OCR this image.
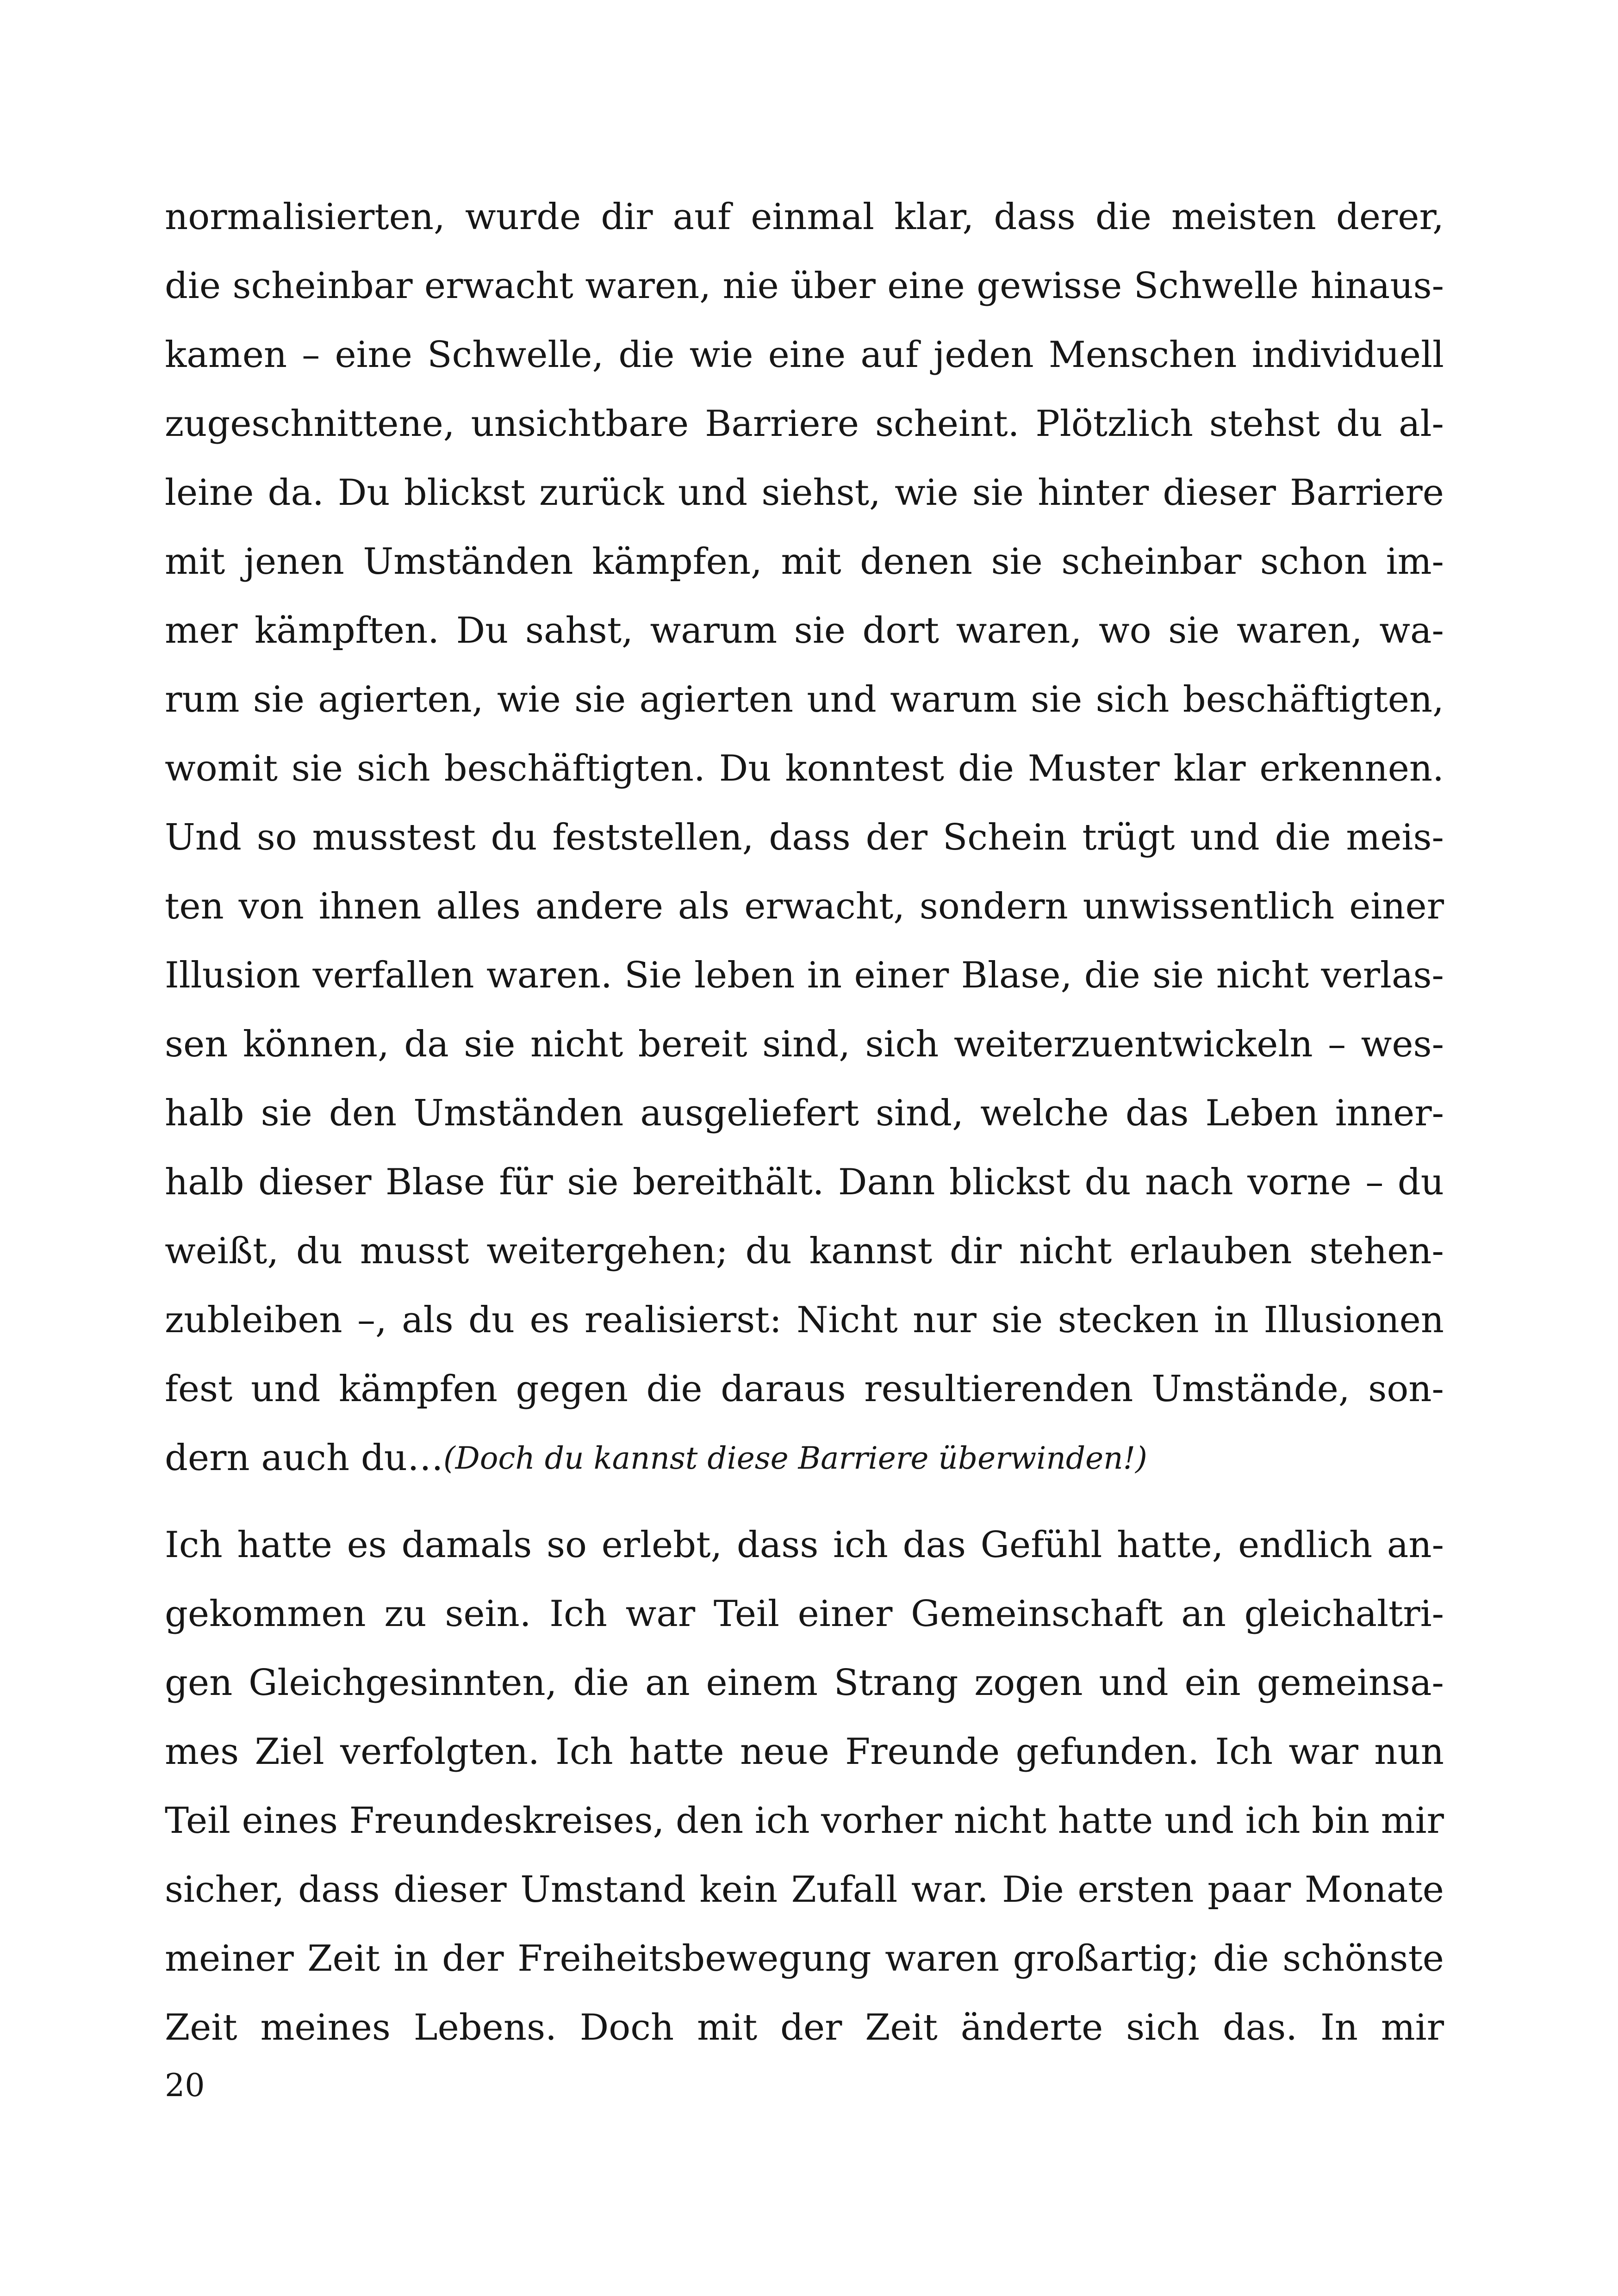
normalisierten, wurde dir auf einmal klar, dass die meisten derer,
die scheinbar erwacht waren, nie über eine gewisse Schwelle hinaus-
kamen – eine Schwelle, die wie eine auf jeden Menschen individuell
zugeschnittene, unsichtbare Barriere scheint. Plötzlich stehst du al-
leine da. Du blickst zurück und siehst, wie sie hinter dieser Barriere
mit jenen Umständen kämpfen, mit denen sie scheinbar schon im-
mer kämpften. Du sahst, warum sie dort waren, wo sie waren, wa-
rum sie agierten, wie sie agierten und warum sie sich beschäftigten,
womit sie sich beschäftigten. Du konntest die Muster klar erkennen.
Und so musstest du feststellen, dass der Schein trügt und die meis-
ten von ihnen alles andere als erwacht, sondern unwissentlich einer
Illusion verfallen waren. Sie leben in einer Blase, die sie nicht verlas-
sen können, da sie nicht bereit sind, sich weiterzuentwickeln – wes-
halb sie den Umständen ausgeliefert sind, welche das Leben inner-
halb dieser Blase für sie bereithält. Dann blickst du nach vorne – du
weißt, du musst weitergehen; du kannst dir nicht erlauben stehen-
zubleiben –, als du es realisierst: Nicht nur sie stecken in Illusionen
fest und kämpfen gegen die daraus resultierenden Umstände, son-
dern auch du… (Doch du kannst diese Barriere überwinden!)
Ich hatte es damals so erlebt, dass ich das Gefühl hatte, endlich an-
gekommen zu sein. Ich war Teil einer Gemeinschaft an gleichaltri-
gen Gleichgesinnten, die an einem Strang zogen und ein gemeinsa-
mes Ziel verfolgten. Ich hatte neue Freunde gefunden. Ich war nun
Teil eines Freundeskreises, den ich vorher nicht hatte und ich bin mir
sicher, dass dieser Umstand kein Zufall war. Die ersten paar Monate
meiner Zeit in der Freiheitsbewegung waren großartig; die schönste
Zeit meines Lebens. Doch mit der Zeit änderte sich das. In mir
20
